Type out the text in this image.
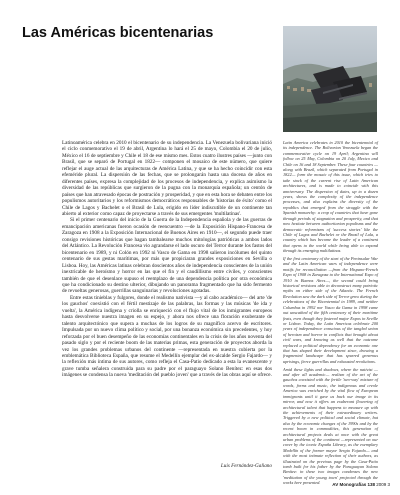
Las Américas bicentenarias

Latinoamérica celebra en 2010 el bicentenario de su independencia. La Venezuela bolivariana inició el ciclo conmemorativo el 19 de abril, Argentina lo hará el 25 de mayo, Colombia el 20 de julio, México el 16 de septiembre y Chile el 18 de ese mismo mes. Estos cuatro ilustres países —junto con Brasil, que se separó de Portugal en 1822— componen el mosaico de este número, que quiere reflejar el auge actual de las arquitecturas de América Latina, y que se ha hecho coincidir con esta efeméride plural. La dispersión de las fechas, que se prolongarán hasta una docena de años en diferentes países, expresa la complejidad de los procesos de independencia, y explica asimismo la diversidad de las repúblicas que surgieron de la pugna con la monarquía española; un centón de países que han atravesado épocas de postración y prosperidad, y que en esta hora se debaten entre los populismos autoritarios y los reformismos democráticos responsables de 'historias de éxito' como el Chile de Lagos y Bachelet o el Brasil de Lula, erigido en líder indiscutible de un continente tan abierto al exterior como capaz de proyectarse a través de sus emergentes 'multilatinas'.

Si el primer centenario del inicio de la Guerra de la Independencia española y de las guerras de emancipación americanas fueron ocasión de reencuentro —de la Exposición Hispano-Francesa de Zaragoza en 1908 a la Exposición Internacional de Buenos Aires en 1910—, el segundo puede traer consigo revisiones históricas que hagan tambalearse muchos mitologías patrióticas a ambos lados del Atlántico. La Revolución Francesa vio agrandarse el lado oscuro del Terror durante los fastos del bicentenario en 1989, y ni Colón en 1992 ni Vasco de Gama en 1998 salieron incólumes del quinto centenario de sus gestas marítimas, por más que propiciaran grandes exposiciones en Sevilla o Lisboa. Hoy, las Américas latinas celebran doscientos años de independencia conscientes de la unión inextricable de heroísmo y horror en las que el fin y el caudillismo entre civiles, y conscientes también de que el desenlace supuso el reemplazo de una dependencia política por otra económica que ha condicionado su destino ulterior, dibujando un panorama fragmentado que ha sido fermento de revueltas generosas, guerrillas sanguinarias y revoluciones agotadas.

Entre estas tinieblas y fulgores, donde el realismo nativista —y al cabo académico— del arte 'de los gauchos' coexistió con el fértil mestizaje de las palabras, las formas y las músicas 'de ida y vuelta', la América indígena y criolla se enriqueció con el flujo vital de los inmigrantes europeos hasta desvolverse nuestra imagen en su espejo, y ahora nos ofrece una floración exuberante de talento arquitectónico que supera a muchas de los logros de su magnífico acervo de escritores. Impulsada por un nuevo clima político y social, por una bonanza económica sin precedentes, y hoy reforzada por el buen desempeño de las economías continentales en la crisis de los años noventa del pasado siglo y por el reciente boom de las materias primas, esta generación de proyectos aborda la vez los grandes problemas urbanos del continente —representada en nuestra cubierta por la emblemática Biblioteca España, que resume el Medellín ejemplar del ex-alcalde Sergio Fajardo— y la reflexión más íntima de sus autores, como refleja el Casa-Patio dedicado a esta la evanescente y grave tumba señalera construida para su padre por el paraguayo Solano Benítez: en esas dos imágenes se condensa la nueva 'meditación del pueblo joven' que a través de las obras aquí se ofrece.

Luis Fernández-Galiano

Latin America celebrates in 2010 the bicentennial of its independence. The Bolivarian Venezuela began the commemorative cycle on 19 April; Argentina will follow on 25 May, Colombia on 20 July, Mexico and Chile on 16 and 18 September. These four countries —along with Brazil, which separated from Portugal in 1822— form the mosaic of this issue, which tries to take stock of the current rise of Latin American architectures, and is made to coincide with this anniversary. The dispersion of dates, up to a dozen years, shows the complexity of the independence processes, and also explains the diversity of the republics that emerged from the struggle with the Spanish monarchy: a crop of countries that have gone through periods of stagnation and prosperity, and that now hesitate between authoritarian populisms and the democratic reformisms of 'success stories' like the Chile of Lagos and Bachelet or the Brazil of Lula, a country which has become the leader of a continent that opens to the world while being able to expand through its emerging multilatinas.

If the first centenary of the start of the Peninsular War and the Latin American wars of independence were motifs for reconciliation —from the Hispano-French Expo of 1908 in Zaragoza to the International Expo of 1910 in Buenos Aires—, the second could bring historical revisions able to deconstruct many patriotic myths on either side of the Atlantic. The French Revolution saw the dark side of Terror grow during the celebrations of the Bicentennial in 1989, and neither Columbus in 1992 nor Vasco da Gama in 1998 came out unscathed of the fifth centenary of their maritime feats, even though they fostered major Expos in Seville or Lisbon. Today, the Latin Americas celebrate 200 years of independence conscious of the tangled union of heroism and horror in conflicts that brought about civil wars, and knowing as well that the outcome replaced a political dependency for an economic one that has shaped their development since, drawing a fragmented landscape that has spurred generous uprisings, fierce guerrillas and exhausted revolutions.

Amid these lights and shadows, where the nativist —and after all academic— realism of the art of the gauchos coexisted with the fertile 'two-way' mixture of words, forms and music, the indigenous and creole America was enriched by the vital flow of European immigrants until it gave us back our image in its mirror, and now it offers an exuberant flowering of architectural talent that happens to measure up with the achievements of their extraordinary writers. Triggered by a new political and social climate, but also by the economic changes of the 1990s and by the recent boom in commodities, this generation of architectural projects deals at once with the great urban problems of the continent —represented on our cover by the iconic España Library, as the exemplary Medellín of the former mayor Sergio Fajardo— and with the most intimate reflection of their authors, as illustrated on the previous page by the Casa-Patio tomb built for his father by the Paraguayan Solano Benítez: in these two images condenses the new 'meditation of the young town' projected through the works here presented.	AV Monografías 138 2009 3
